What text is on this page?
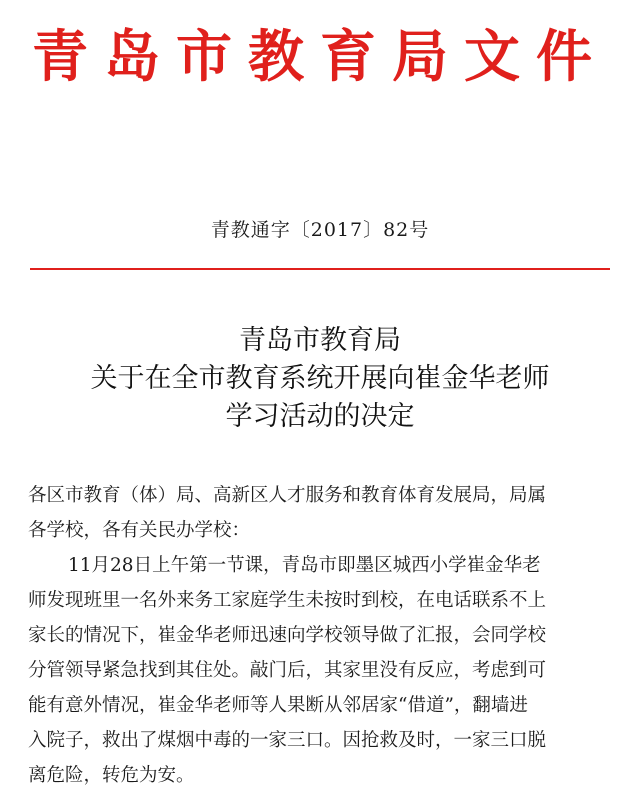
青岛市教育局文件
青教通字〔2017〕82号
青岛市教育局
关于在全市教育系统开展向崔金华老师
学习活动的决定

各区市教育（体）局、高新区人才服务和教育体育发展局，局属

各学校，各有关民办学校：

11月28日上午第一节课，青岛市即墨区城西小学崔金华老

师发现班里一名外来务工家庭学生未按时到校，在电话联系不上

家长的情况下，崔金华老师迅速向学校领导做了汇报，会同学校

分管领导紧急找到其住处。敲门后，其家里没有反应，考虑到可

能有意外情况，崔金华老师等人果断从邻居家“借道”，翻墙进

入院子，救出了煤烟中毒的一家三口。因抢救及时，一家三口脱

离危险，转危为安。
